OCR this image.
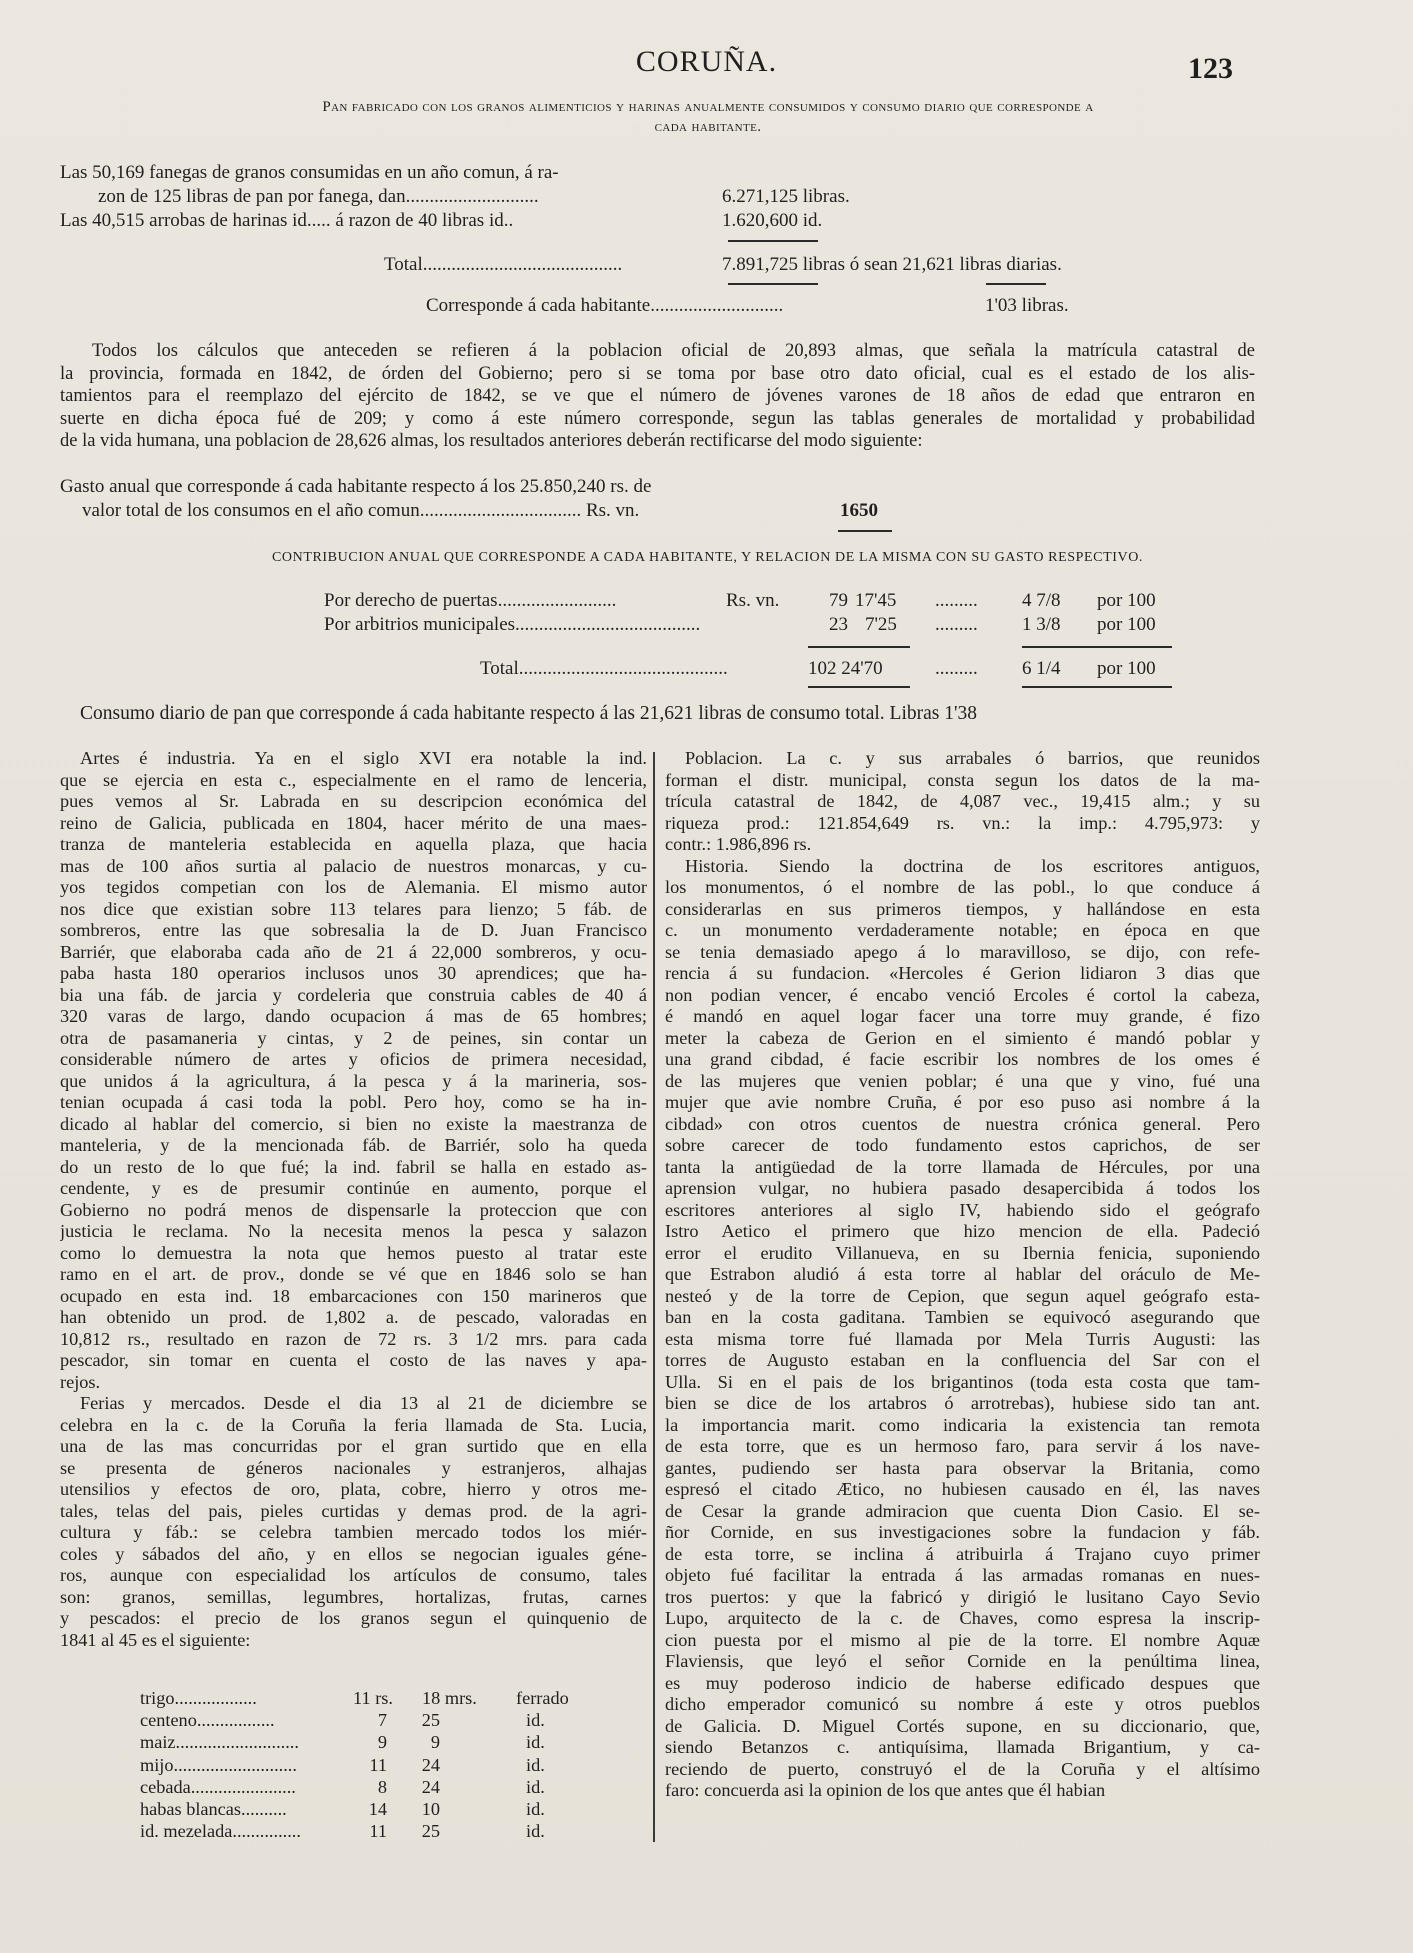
CORUÑA.	123
Pan fabricado con los granos alimenticios y harinas anualmente consumidos y consumo diario que corresponde a
cada habitante.
Las 50,169 fanegas de granos consumidas en un año comun, á ra-
zon de 125 libras de pan por fanega, dan............................	6.271,125 libras.
Las 40,515 arrobas de harinas id..... á razon de 40 libras id..	1.620,600 id.
Total..........................................	7.891,725 libras ó sean 21,621 libras diarias.
Corresponde á cada habitante............................	1'03 libras.
Todos los cálculos que anteceden se refieren á la poblacion oficial de 20,893 almas, que señala la matrícula catastral de
la provincia, formada en 1842, de órden del Gobierno; pero si se toma por base otro dato oficial, cual es el estado de los alis-
tamientos para el reemplazo del ejército de 1842, se ve que el número de jóvenes varones de 18 años de edad que entraron en
suerte en dicha época fué de 209; y como á este número corresponde, segun las tablas generales de mortalidad y probabilidad
de la vida humana, una poblacion de 28,626 almas, los resultados anteriores deberán rectificarse del modo siguiente:
Gasto anual que corresponde á cada habitante respecto á los 25.850,240 rs. de
valor total de los consumos en el año comun.................................. Rs. vn.	1650
CONTRIBUCION ANUAL QUE CORRESPONDE A CADA HABITANTE, Y RELACION DE LA MISMA CON SU GASTO RESPECTIVO.
Por derecho de puertas.........................	Rs. vn.	79 17'45 ......... 4 7/8 por 100
Por arbitrios municipales.......................................	23 7'25 ......... 1 3/8 por 100
Total............................................	102 24'70	......... 6 1/4 por 100
Consumo diario de pan que corresponde á cada habitante respecto á las 21,621 libras de consumo total. Libras 1'38
Artes é industria. Ya en el siglo XVI era notable la ind.
que se ejercia en esta c., especialmente en el ramo de lenceria,
pues vemos al Sr. Labrada en su descripcion económica del
reino de Galicia, publicada en 1804, hacer mérito de una maes-
tranza de manteleria establecida en aquella plaza, que hacia
mas de 100 años surtia al palacio de nuestros monarcas, y cu-
yos tegidos competian con los de Alemania. El mismo autor
nos dice que existian sobre 113 telares para lienzo; 5 fáb. de
sombreros, entre las que sobresalia la de D. Juan Francisco
Barriér, que elaboraba cada año de 21 á 22,000 sombreros, y ocu-
paba hasta 180 operarios inclusos unos 30 aprendices; que ha-
bia una fáb. de jarcia y cordeleria que construia cables de 40 á
320 varas de largo, dando ocupacion á mas de 65 hombres;
otra de pasamaneria y cintas, y 2 de peines, sin contar un
considerable número de artes y oficios de primera necesidad,
que unidos á la agricultura, á la pesca y á la marineria, sos-
tenian ocupada á casi toda la pobl. Pero hoy, como se ha in-
dicado al hablar del comercio, si bien no existe la maestranza de
manteleria, y de la mencionada fáb. de Barriér, solo ha queda
do un resto de lo que fué; la ind. fabril se halla en estado as-
cendente, y es de presumir continúe en aumento, porque el
Gobierno no podrá menos de dispensarle la proteccion que con
justicia le reclama. No la necesita menos la pesca y salazon
como lo demuestra la nota que hemos puesto al tratar este
ramo en el art. de prov., donde se vé que en 1846 solo se han
ocupado en esta ind. 18 embarcaciones con 150 marineros que
han obtenido un prod. de 1,802 a. de pescado, valoradas en
10,812 rs., resultado en razon de 72 rs. 3 1/2 mrs. para cada
pescador, sin tomar en cuenta el costo de las naves y apa-
rejos.
Ferias y mercados. Desde el dia 13 al 21 de diciembre se
celebra en la c. de la Coruña la feria llamada de Sta. Lucia,
una de las mas concurridas por el gran surtido que en ella
se presenta de géneros nacionales y estranjeros, alhajas
utensilios y efectos de oro, plata, cobre, hierro y otros me-
tales, telas del pais, pieles curtidas y demas prod. de la agri-
cultura y fáb.: se celebra tambien mercado todos los miér-
coles y sábados del año, y en ellos se negocian iguales géne-
ros, aunque con especialidad los artículos de consumo, tales
son: granos, semillas, legumbres, hortalizas, frutas, carnes
y pescados: el precio de los granos segun el quinquenio de
1841 al 45 es el siguiente:
trigo..................	11 rs. 18 mrs. ferrado
centeno.................	7	25	id.
maiz...........................	9	9	id.
mijo...........................	11	24	id.
cebada.......................	8	24	id.
habas blancas..........	14	10	id.
id. mezelada...............	11	25	id.
Poblacion. La c. y sus arrabales ó barrios, que reunidos
forman el distr. municipal, consta segun los datos de la ma-
trícula catastral de 1842, de 4,087 vec., 19,415 alm.; y su
riqueza prod.: 121.854,649 rs. vn.: la imp.: 4.795,973: y
contr.: 1.986,896 rs.
Historia. Siendo la doctrina de los escritores antiguos,
los monumentos, ó el nombre de las pobl., lo que conduce á
considerarlas en sus primeros tiempos, y hallándose en esta
c. un monumento verdaderamente notable; en época en que
se tenia demasiado apego á lo maravilloso, se dijo, con refe-
rencia á su fundacion. «Hercoles é Gerion lidiaron 3 dias que
non podian vencer, é encabo venció Ercoles é cortol la cabeza,
é mandó en aquel logar facer una torre muy grande, é fizo
meter la cabeza de Gerion en el simiento é mandó poblar y
una grand cibdad, é facie escribir los nombres de los omes é
de las mujeres que venien poblar; é una que y vino, fué una
mujer que avie nombre Cruña, é por eso puso asi nombre á la
cibdad» con otros cuentos de nuestra crónica general. Pero
sobre carecer de todo fundamento estos caprichos, de ser
tanta la antigüedad de la torre llamada de Hércules, por una
aprension vulgar, no hubiera pasado desapercibida á todos los
escritores anteriores al siglo IV, habiendo sido el geógrafo
Istro Aetico el primero que hizo mencion de ella. Padeció
error el erudito Villanueva, en su Ibernia fenicia, suponiendo
que Estrabon aludió á esta torre al hablar del oráculo de Me-
nesteó y de la torre de Cepion, que segun aquel geógrafo esta-
ban en la costa gaditana. Tambien se equivocó asegurando que
esta misma torre fué llamada por Mela Turris Augusti: las
torres de Augusto estaban en la confluencia del Sar con el
Ulla. Si en el pais de los brigantinos (toda esta costa que tam-
bien se dice de los artabros ó arrotrebas), hubiese sido tan ant.
la importancia marit. como indicaria la existencia tan remota
de esta torre, que es un hermoso faro, para servir á los nave-
gantes, pudiendo ser hasta para observar la Britania, como
espresó el citado Ætico, no hubiesen causado en él, las naves
de Cesar la grande admiracion que cuenta Dion Casio. El se-
ñor Cornide, en sus investigaciones sobre la fundacion y fáb.
de esta torre, se inclina á atribuirla á Trajano cuyo primer
objeto fué facilitar la entrada á las armadas romanas en nues-
tros puertos: y que la fabricó y dirigió le lusitano Cayo Sevio
Lupo, arquitecto de la c. de Chaves, como espresa la inscrip-
cion puesta por el mismo al pie de la torre. El nombre Aquæ
Flaviensis, que leyó el señor Cornide en la penúltima linea,
es muy poderoso indicio de haberse edificado despues que
dicho emperador comunicó su nombre á este y otros pueblos
de Galicia. D. Miguel Cortés supone, en su diccionario, que,
siendo Betanzos c. antiquísima, llamada Brigantium, y ca-
reciendo de puerto, construyó el de la Coruña y el altísimo
faro: concuerda asi la opinion de los que antes que él habian
